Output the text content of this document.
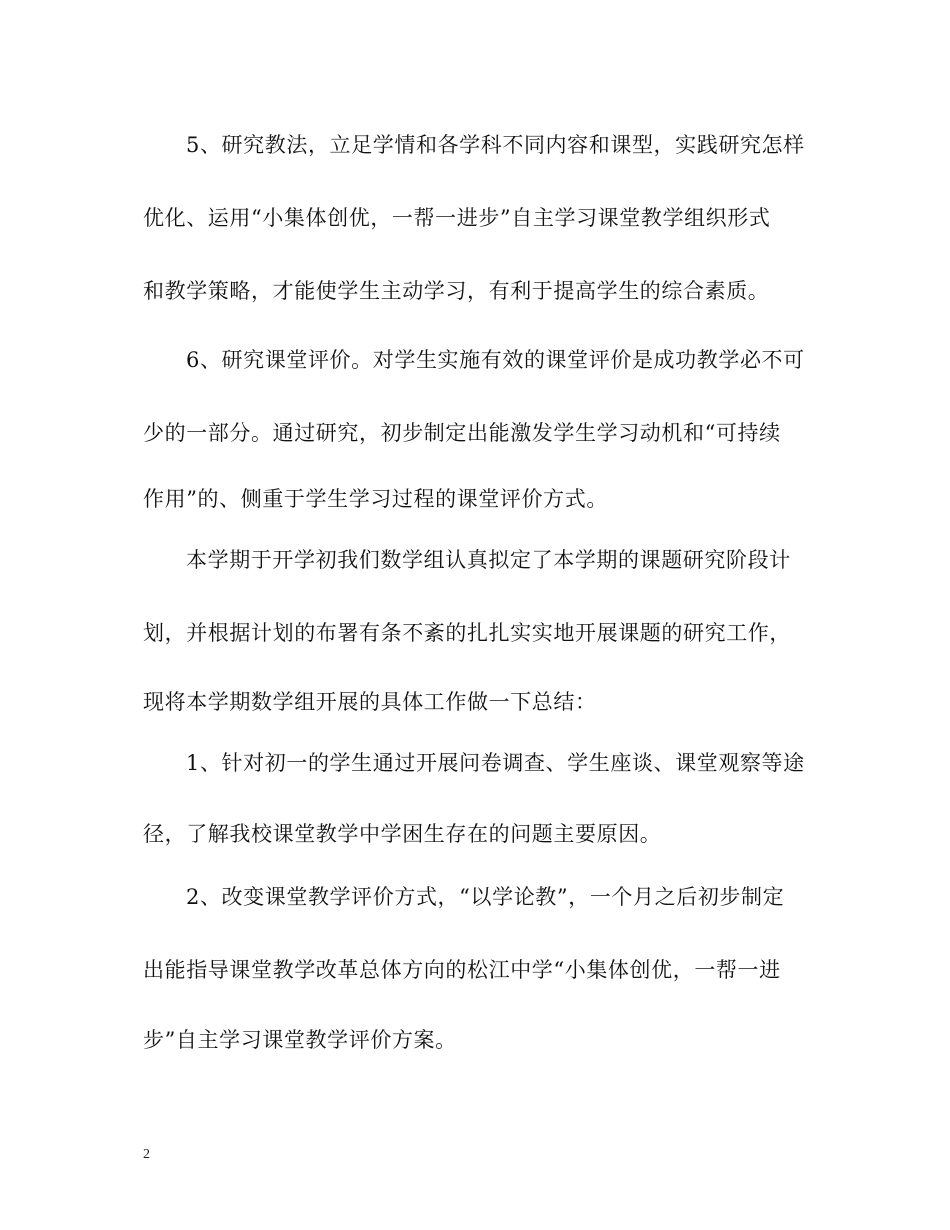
5、研究教法，立足学情和各学科不同内容和课型，实践研究怎样
优化、运用“小集体创优，一帮一进步”自主学习课堂教学组织形式
和教学策略，才能使学生主动学习，有利于提高学生的综合素质。
6、研究课堂评价。对学生实施有效的课堂评价是成功教学必不可
少的一部分。通过研究，初步制定出能激发学生学习动机和“可持续
作用”的、侧重于学生学习过程的课堂评价方式。
本学期于开学初我们数学组认真拟定了本学期的课题研究阶段计
划，并根据计划的布署有条不紊的扎扎实实地开展课题的研究工作，
现将本学期数学组开展的具体工作做一下总结：
1、针对初一的学生通过开展问卷调查、学生座谈、课堂观察等途
径，了解我校课堂教学中学困生存在的问题主要原因。
2、改变课堂教学评价方式，“以学论教”，一个月之后初步制定
出能指导课堂教学改革总体方向的松江中学“小集体创优，一帮一进
步”自主学习课堂教学评价方案。
2
